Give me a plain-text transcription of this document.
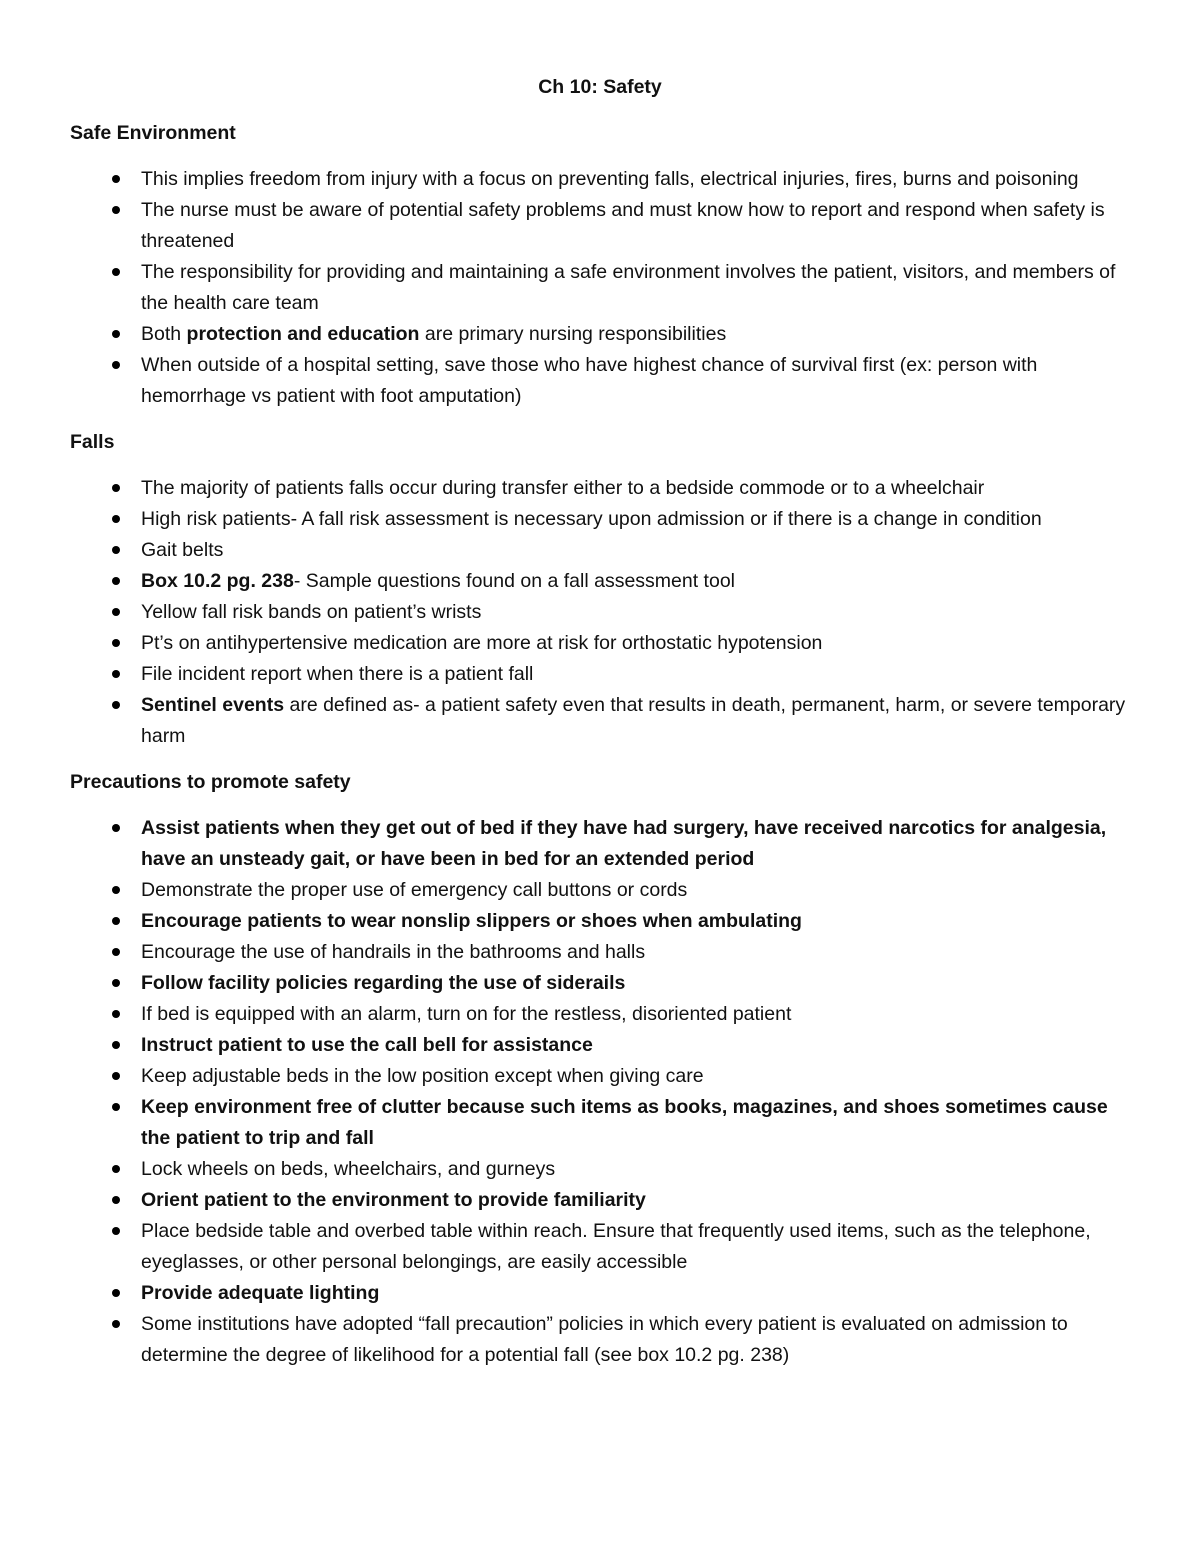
Ch 10: Safety
Safe Environment
This implies freedom from injury with a focus on preventing falls, electrical injuries, fires, burns and poisoning
The nurse must be aware of potential safety problems and must know how to report and respond when safety is threatened
The responsibility for providing and maintaining a safe environment involves the patient, visitors, and members of the health care team
Both protection and education are primary nursing responsibilities
When outside of a hospital setting, save those who have highest chance of survival first (ex: person with hemorrhage vs patient with foot amputation)
Falls
The majority of patients falls occur during transfer either to a bedside commode or to a wheelchair
High risk patients- A fall risk assessment is necessary upon admission or if there is a change in condition
Gait belts
Box 10.2 pg. 238- Sample questions found on a fall assessment tool
Yellow fall risk bands on patient’s wrists
Pt’s on antihypertensive medication are more at risk for orthostatic hypotension
File incident report when there is a patient fall
Sentinel events are defined as- a patient safety even that results in death, permanent, harm, or severe temporary harm
Precautions to promote safety
Assist patients when they get out of bed if they have had surgery, have received narcotics for analgesia, have an unsteady gait, or have been in bed for an extended period
Demonstrate the proper use of emergency call buttons or cords
Encourage patients to wear nonslip slippers or shoes when ambulating
Encourage the use of handrails in the bathrooms and halls
Follow facility policies regarding the use of siderails
If bed is equipped with an alarm, turn on for the restless, disoriented patient
Instruct patient to use the call bell for assistance
Keep adjustable beds in the low position except when giving care
Keep environment free of clutter because such items as books, magazines, and shoes sometimes cause the patient to trip and fall
Lock wheels on beds, wheelchairs, and gurneys
Orient patient to the environment to provide familiarity
Place bedside table and overbed table within reach. Ensure that frequently used items, such as the telephone, eyeglasses, or other personal belongings, are easily accessible
Provide adequate lighting
Some institutions have adopted “fall precaution” policies in which every patient is evaluated on admission to determine the degree of likelihood for a potential fall (see box 10.2 pg. 238)
